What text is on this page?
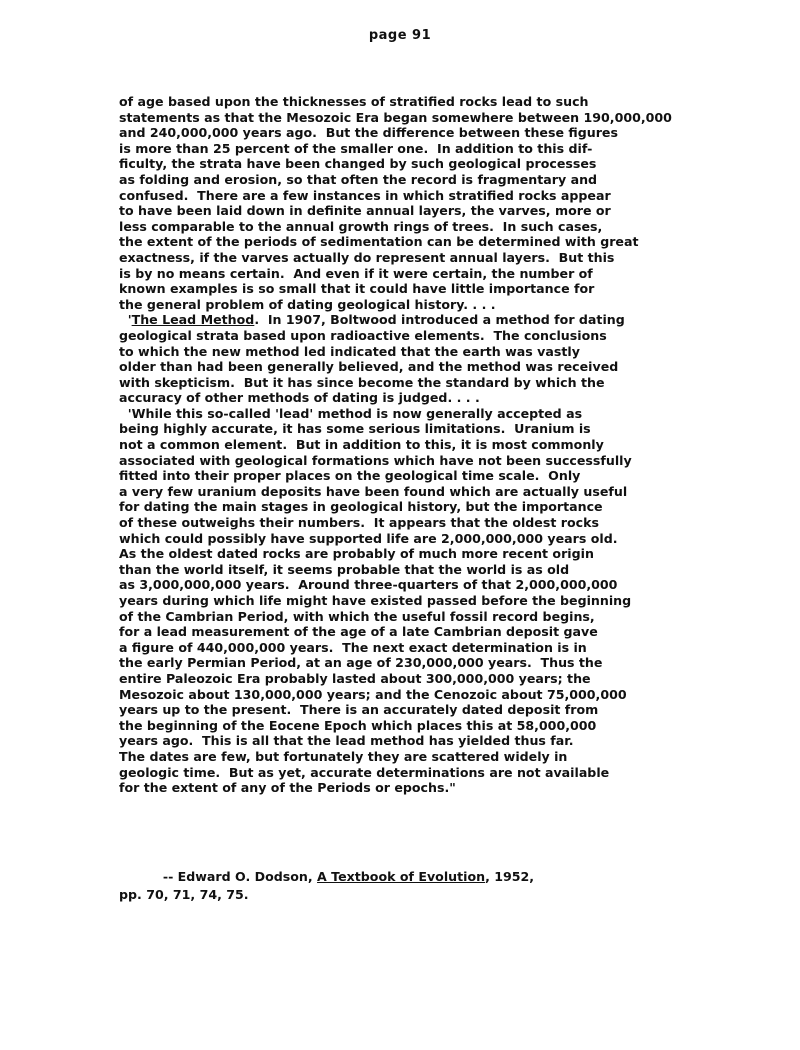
page 91
of age based upon the thicknesses of stratified rocks lead to such
statements as that the Mesozoic Era began somewhere between 190,000,000
and 240,000,000 years ago.  But the difference between these figures
is more than 25 percent of the smaller one.  In addition to this dif-
ficulty, the strata have been changed by such geological processes
as folding and erosion, so that often the record is fragmentary and
confused.  There are a few instances in which stratified rocks appear
to have been laid down in definite annual layers, the varves, more or
less comparable to the annual growth rings of trees.  In such cases,
the extent of the periods of sedimentation can be determined with great
exactness, if the varves actually do represent annual layers.  But this
is by no means certain.  And even if it were certain, the number of
known examples is so small that it could have little importance for
the general problem of dating geological history. . . .
'The Lead Method.  In 1907, Boltwood introduced a method for dating
geological strata based upon radioactive elements.  The conclusions
to which the new method led indicated that the earth was vastly
older than had been generally believed, and the method was received
with skepticism.  But it has since become the standard by which the
accuracy of other methods of dating is judged. . . .
'While this so-called 'lead' method is now generally accepted as
being highly accurate, it has some serious limitations.  Uranium is
not a common element.  But in addition to this, it is most commonly
associated with geological formations which have not been successfully
fitted into their proper places on the geological time scale.  Only
a very few uranium deposits have been found which are actually useful
for dating the main stages in geological history, but the importance
of these outweighs their numbers.  It appears that the oldest rocks
which could possibly have supported life are 2,000,000,000 years old.
As the oldest dated rocks are probably of much more recent origin
than the world itself, it seems probable that the world is as old
as 3,000,000,000 years.  Around three-quarters of that 2,000,000,000
years during which life might have existed passed before the beginning
of the Cambrian Period, with which the useful fossil record begins,
for a lead measurement of the age of a late Cambrian deposit gave
a figure of 440,000,000 years.  The next exact determination is in
the early Permian Period, at an age of 230,000,000 years.  Thus the
entire Paleozoic Era probably lasted about 300,000,000 years; the
Mesozoic about 130,000,000 years; and the Cenozoic about 75,000,000
years up to the present.  There is an accurately dated deposit from
the beginning of the Eocene Epoch which places this at 58,000,000
years ago.  This is all that the lead method has yielded thus far.
The dates are few, but fortunately they are scattered widely in
geologic time.  But as yet, accurate determinations are not available
for the extent of any of the Periods or epochs."
-- Edward O. Dodson, A Textbook of Evolution, 1952,
pp. 70, 71, 74, 75.
